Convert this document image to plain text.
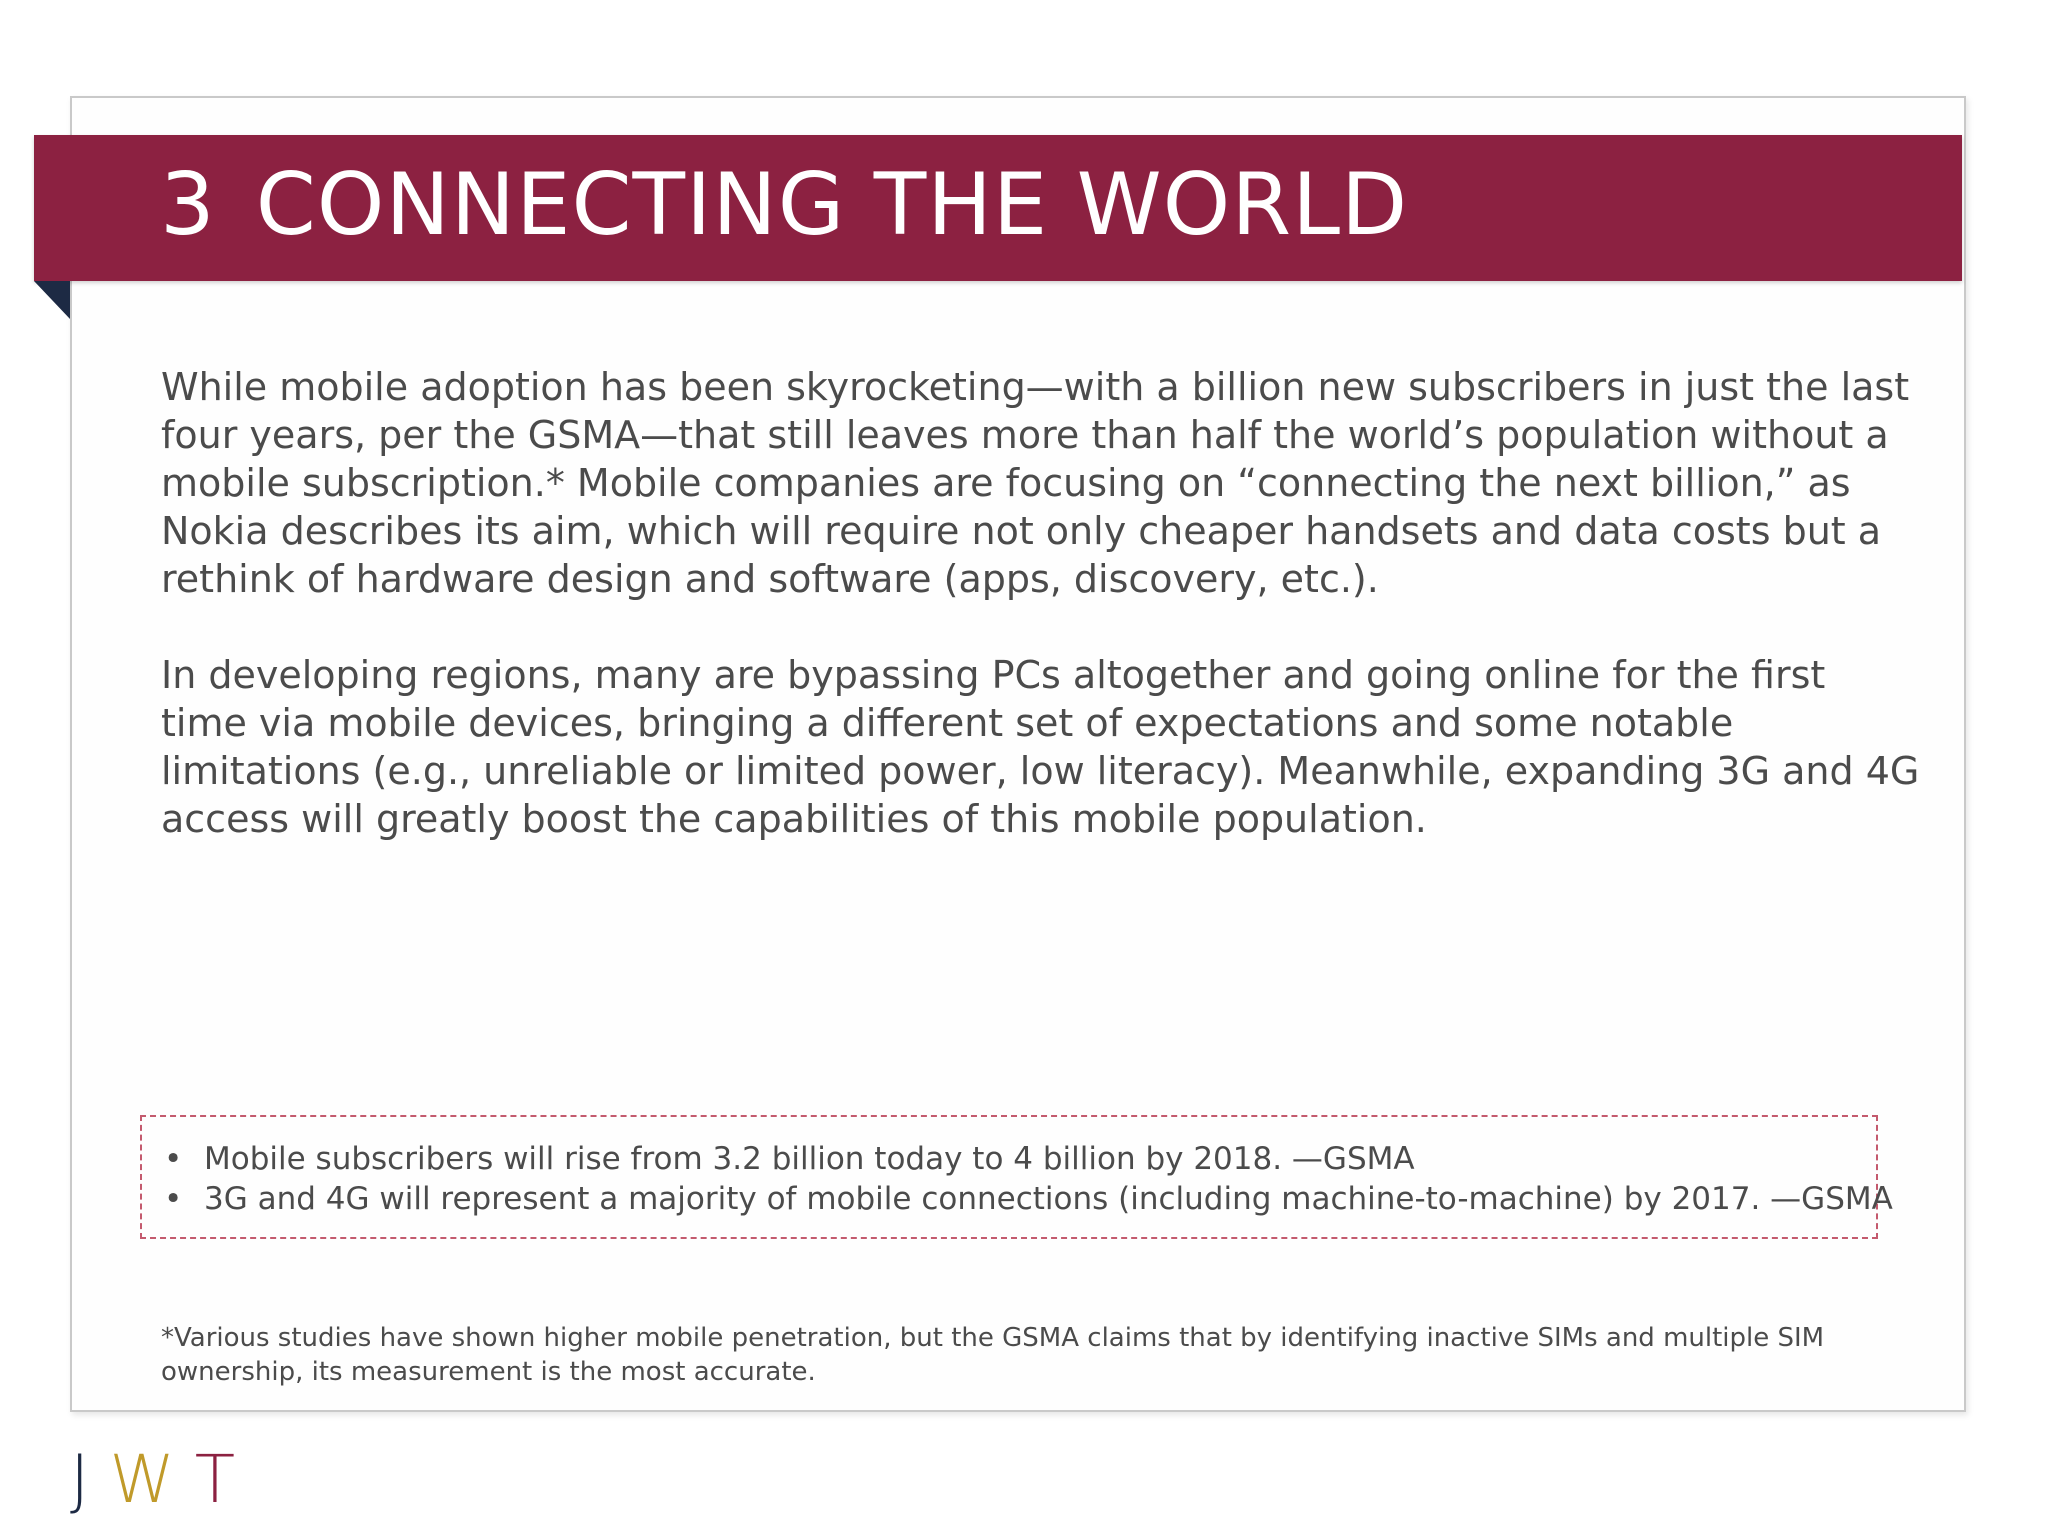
3 CONNECTING THE WORLD

While mobile adoption has been skyrocketing—with a billion new subscribers in just the last four years, per the GSMA—that still leaves more than half the world’s population without a mobile subscription.* Mobile companies are focusing on “connecting the next billion,” as Nokia describes its aim, which will require not only cheaper handsets and data costs but a rethink of hardware design and software (apps, discovery, etc.).

In developing regions, many are bypassing PCs altogether and going online for the first time via mobile devices, bringing a different set of expectations and some notable limitations (e.g., unreliable or limited power, low literacy). Meanwhile, expanding 3G and 4G access will greatly boost the capabilities of this mobile population.

• Mobile subscribers will rise from 3.2 billion today to 4 billion by 2018. —GSMA
• 3G and 4G will represent a majority of mobile connections (including machine-to-machine) by 2017. —GSMA

*Various studies have shown higher mobile penetration, but the GSMA claims that by identifying inactive SIMs and multiple SIM ownership, its measurement is the most accurate.

JWT
